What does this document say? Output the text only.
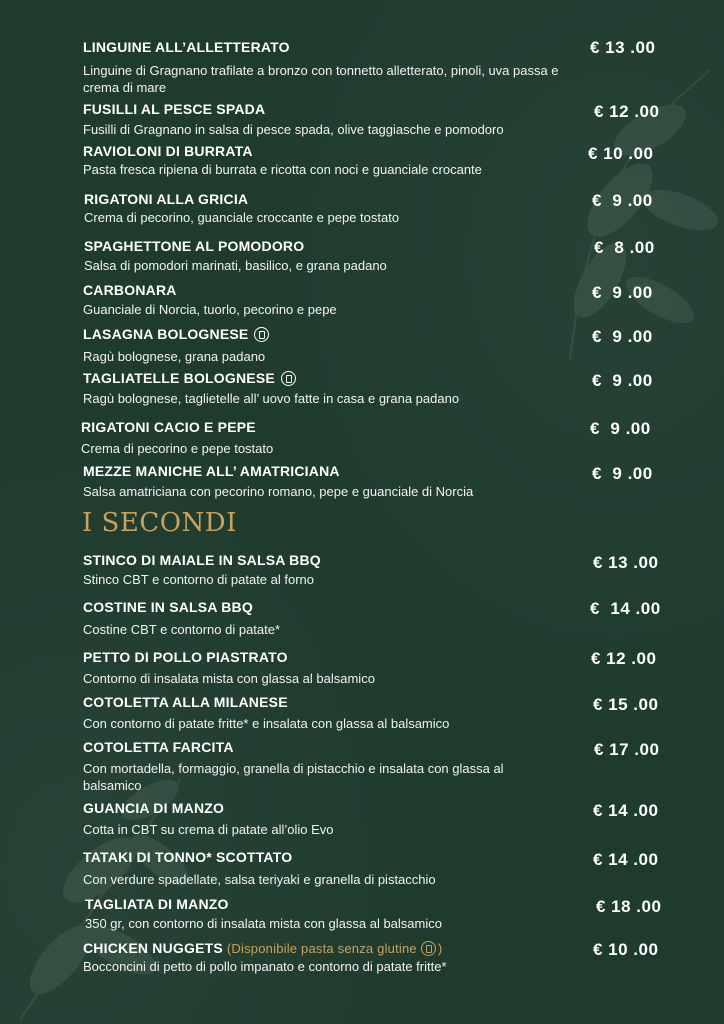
LINGUINE ALL’ALLETTERATO
Linguine di Gragnano trafilate a bronzo con tonnetto alletterato, pinoli, uva passa e crema di mare
€ 13 .00
FUSILLI AL PESCE SPADA
Fusilli di Gragnano in salsa di pesce spada, olive taggiasche e pomodoro
€ 12 .00
RAVIOLONI DI BURRATA
Pasta fresca ripiena di burrata e ricotta con noci e guanciale crocante
€ 10 .00
RIGATONI ALLA GRICIA
Crema di pecorino, guanciale croccante e pepe tostato
€  9 .00
SPAGHETTONE AL POMODORO
Salsa di pomodori marinati, basilico, e grana padano
€  8 .00
CARBONARA
Guanciale di Norcia, tuorlo, pecorino e pepe
€  9 .00
LASAGNA BOLOGNESE
Ragù bolognese, grana padano
€  9 .00
TAGLIATELLE BOLOGNESE
Ragù bolognese, taglietelle all’ uovo fatte in casa e grana padano
€  9 .00
RIGATONI CACIO E PEPE
Crema di pecorino e pepe tostato
€  9 .00
MEZZE MANICHE ALL’ AMATRICIANA
Salsa amatriciana con pecorino romano, pepe e guanciale di Norcia
€  9 .00
I SECONDI
STINCO DI MAIALE IN SALSA BBQ
Stinco CBT e contorno di patate al forno
€ 13 .00
COSTINE IN SALSA BBQ
Costine CBT e contorno di patate*
€  14 .00
PETTO DI POLLO PIASTRATO
Contorno di insalata mista con glassa al balsamico
€ 12 .00
COTOLETTA ALLA MILANESE
Con contorno di patate fritte* e insalata con glassa al balsamico
€ 15 .00
COTOLETTA FARCITA
Con mortadella, formaggio, granella di pistacchio e insalata con glassa al balsamico
€ 17 .00
GUANCIA DI MANZO
Cotta in CBT su crema di patate all’olio Evo
€ 14 .00
TATAKI DI TONNO* SCOTTATO
Con verdure spadellate, salsa teriyaki e granella di pistacchio
€ 14 .00
TAGLIATA DI MANZO
350 gr, con contorno di insalata mista con glassa al balsamico
€ 18 .00
CHICKEN NUGGETS (Disponibile pasta senza glutine )
Bocconcini di petto di pollo impanato e contorno di patate fritte*
€ 10 .00
